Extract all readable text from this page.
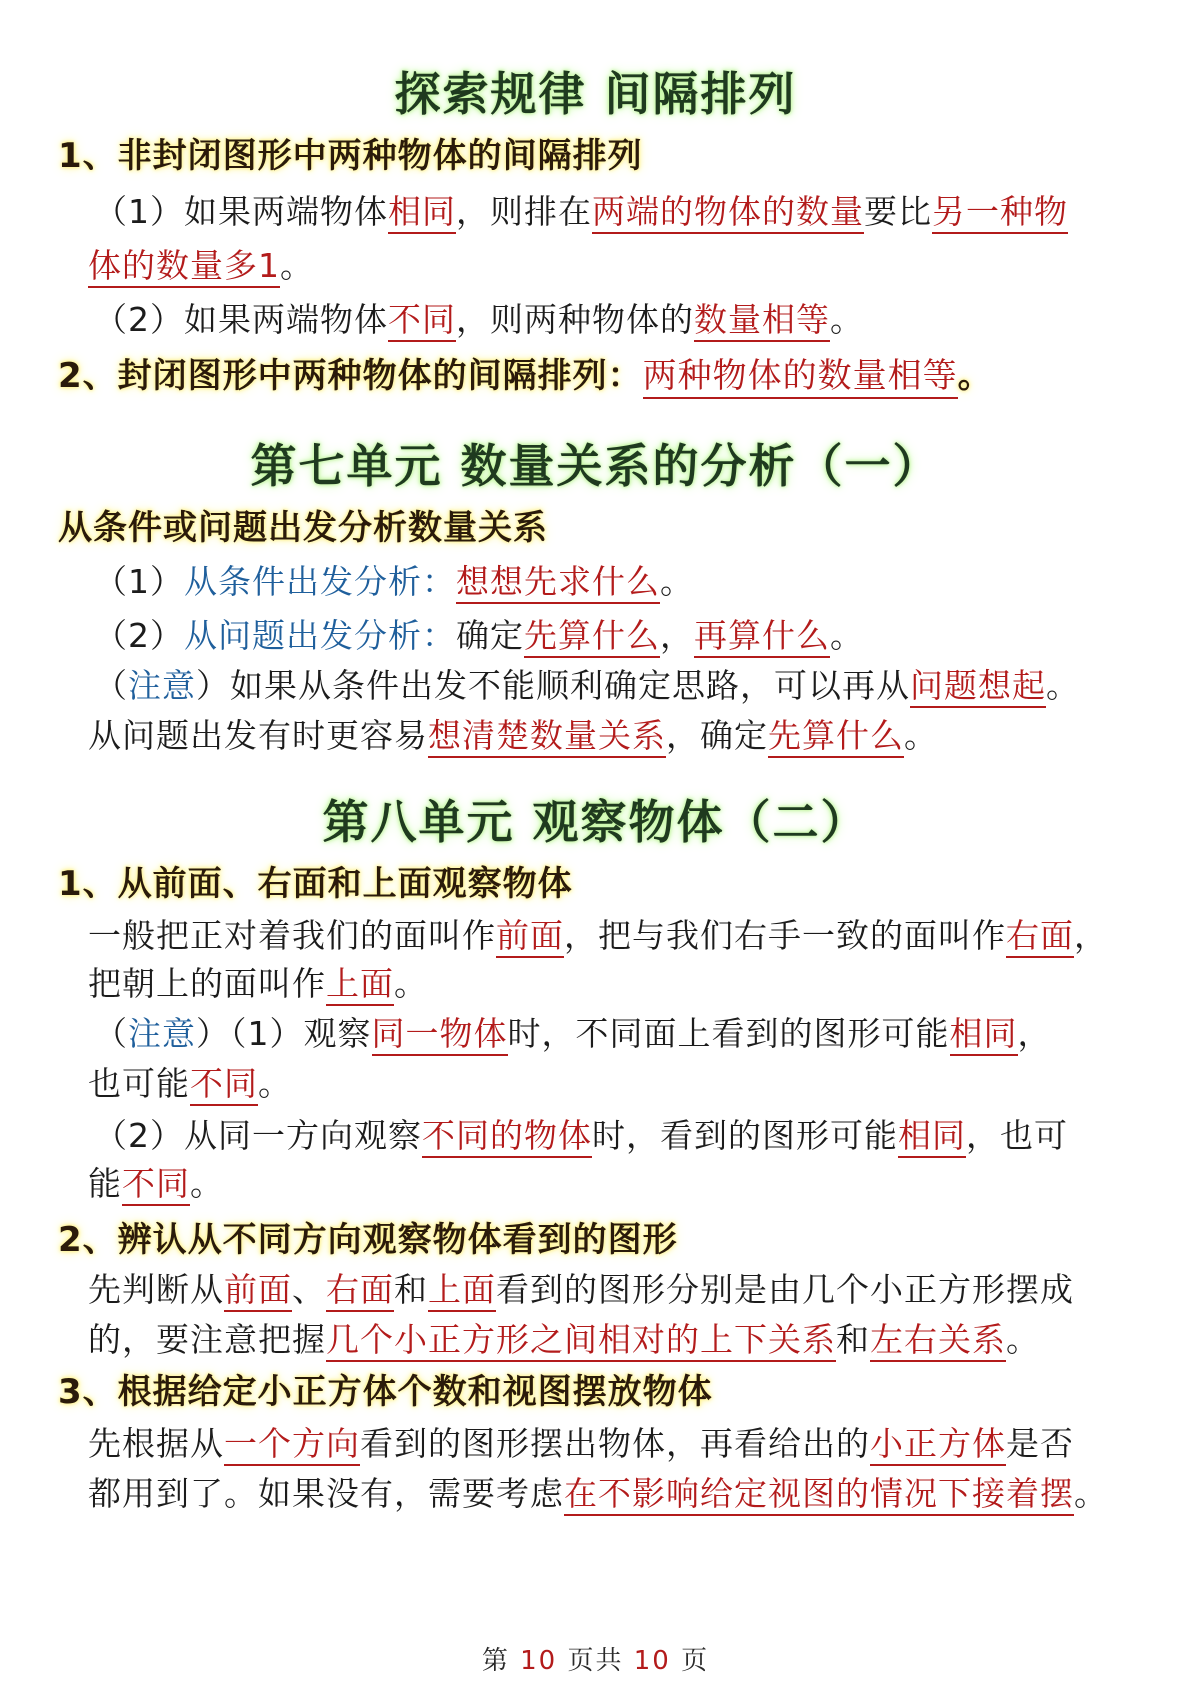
探索规律 间隔排列
1、非封闭图形中两种物体的间隔排列
（1）如果两端物体相同，则排在两端的物体的数量要比另一种物
体的数量多1。
（2）如果两端物体不同，则两种物体的数量相等。
2、封闭图形中两种物体的间隔排列：两种物体的数量相等。
第七单元 数量关系的分析（一）
从条件或问题出发分析数量关系
（1）从条件出发分析：想想先求什么。
（2）从问题出发分析：确定先算什么，再算什么。
（注意）如果从条件出发不能顺利确定思路，可以再从问题想起。
从问题出发有时更容易想清楚数量关系，确定先算什么。
第八单元 观察物体（二）
1、从前面、右面和上面观察物体
一般把正对着我们的面叫作前面，把与我们右手一致的面叫作右面，
把朝上的面叫作上面。
（注意）（1）观察同一物体时，不同面上看到的图形可能相同，
也可能不同。
（2）从同一方向观察不同的物体时，看到的图形可能相同，也可
能不同。
2、辨认从不同方向观察物体看到的图形
先判断从前面、右面和上面看到的图形分别是由几个小正方形摆成
的，要注意把握几个小正方形之间相对的上下关系和左右关系。
3、根据给定小正方体个数和视图摆放物体
先根据从一个方向看到的图形摆出物体，再看给出的小正方体是否
都用到了。如果没有，需要考虑在不影响给定视图的情况下接着摆。
第 10 页共 10 页
